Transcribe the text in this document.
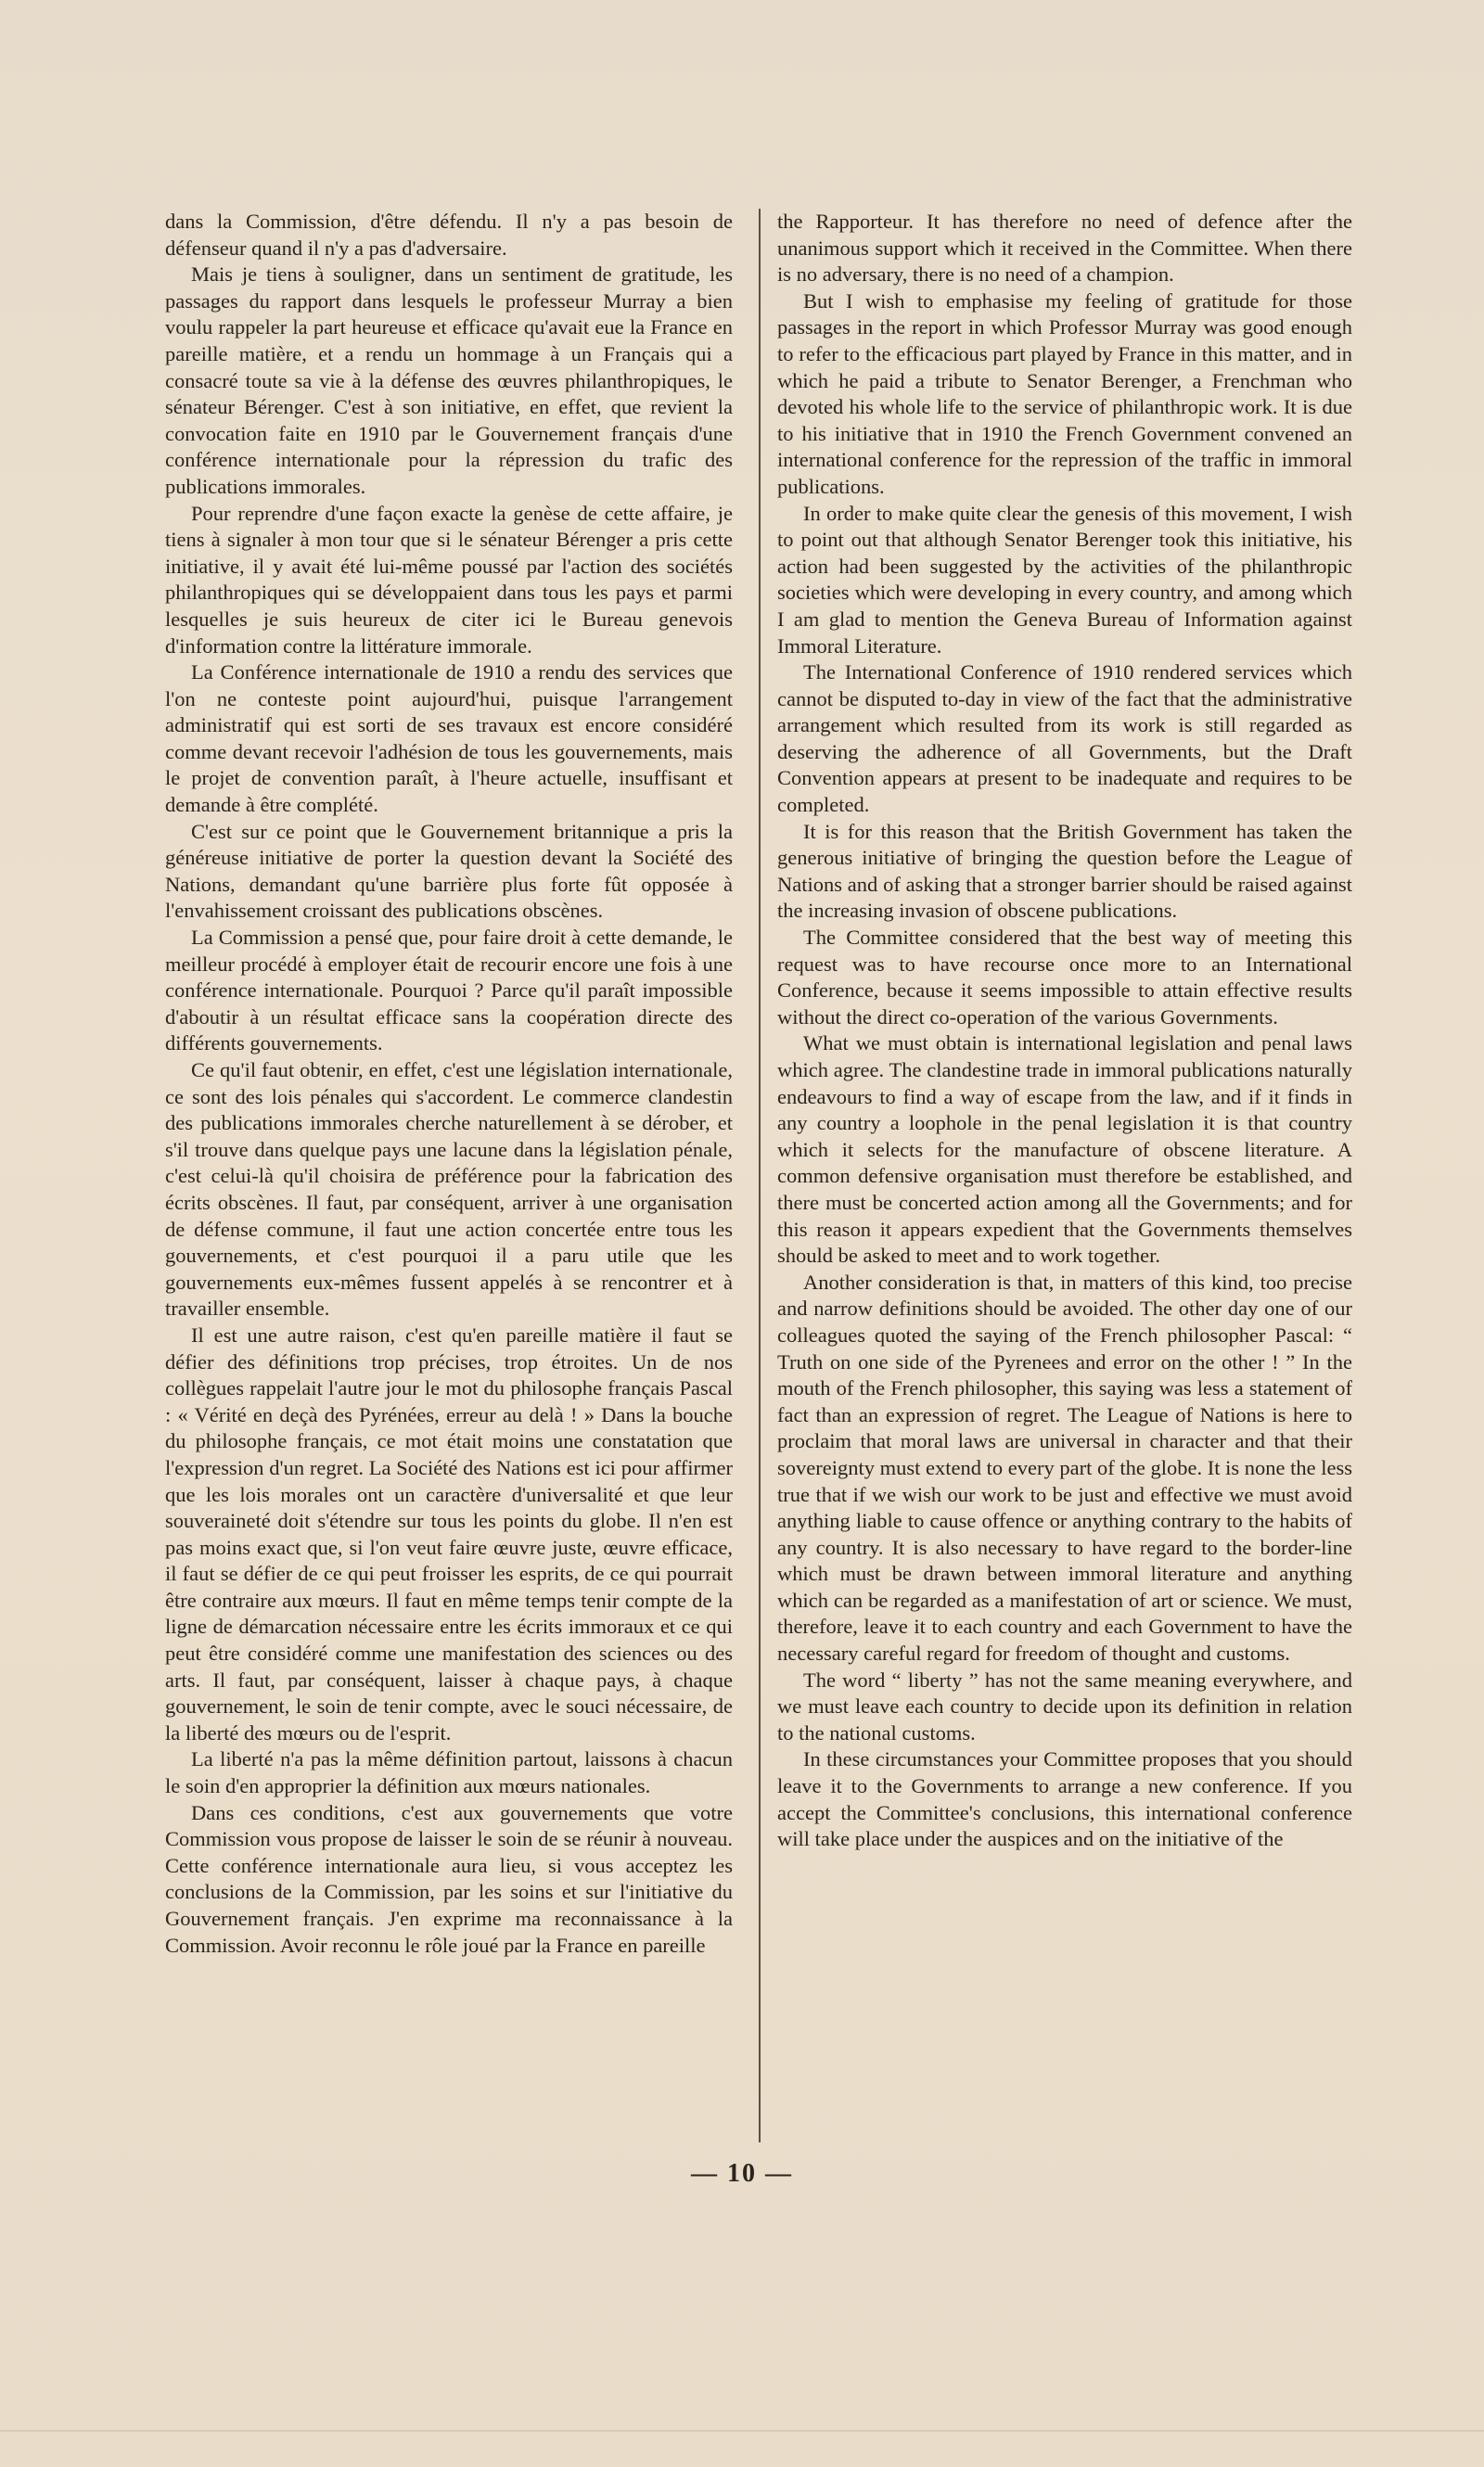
dans la Commission, d'être défendu. Il n'y a pas besoin de défenseur quand il n'y a pas d'adversaire.

Mais je tiens à souligner, dans un sentiment de gratitude, les passages du rapport dans lesquels le professeur Murray a bien voulu rappeler la part heureuse et efficace qu'avait eue la France en pareille matière, et a rendu un hommage à un Français qui a consacré toute sa vie à la défense des œuvres philanthropiques, le sénateur Bérenger. C'est à son initiative, en effet, que revient la convocation faite en 1910 par le Gouvernement français d'une conférence internationale pour la répression du trafic des publications immorales.

Pour reprendre d'une façon exacte la genèse de cette affaire, je tiens à signaler à mon tour que si le sénateur Bérenger a pris cette initiative, il y avait été lui-même poussé par l'action des sociétés philanthropiques qui se développaient dans tous les pays et parmi lesquelles je suis heureux de citer ici le Bureau genevois d'information contre la littérature immorale.

La Conférence internationale de 1910 a rendu des services que l'on ne conteste point aujourd'hui, puisque l'arrangement administratif qui est sorti de ses travaux est encore considéré comme devant recevoir l'adhésion de tous les gouvernements, mais le projet de convention paraît, à l'heure actuelle, insuffisant et demande à être complété.

C'est sur ce point que le Gouvernement britannique a pris la généreuse initiative de porter la question devant la Société des Nations, demandant qu'une barrière plus forte fût opposée à l'envahissement croissant des publications obscènes.

La Commission a pensé que, pour faire droit à cette demande, le meilleur procédé à employer était de recourir encore une fois à une conférence internationale. Pourquoi ? Parce qu'il paraît impossible d'aboutir à un résultat efficace sans la coopération directe des différents gouvernements.

Ce qu'il faut obtenir, en effet, c'est une législation internationale, ce sont des lois pénales qui s'accordent. Le commerce clandestin des publications immorales cherche naturellement à se dérober, et s'il trouve dans quelque pays une lacune dans la législation pénale, c'est celui-là qu'il choisira de préférence pour la fabrication des écrits obscènes. Il faut, par conséquent, arriver à une organisation de défense commune, il faut une action concertée entre tous les gouvernements, et c'est pourquoi il a paru utile que les gouvernements eux-mêmes fussent appelés à se rencontrer et à travailler ensemble.

Il est une autre raison, c'est qu'en pareille matière il faut se défier des définitions trop précises, trop étroites. Un de nos collègues rappelait l'autre jour le mot du philosophe français Pascal : « Vérité en deçà des Pyrénées, erreur au delà ! » Dans la bouche du philosophe français, ce mot était moins une constatation que l'expression d'un regret. La Société des Nations est ici pour affirmer que les lois morales ont un caractère d'universalité et que leur souveraineté doit s'étendre sur tous les points du globe. Il n'en est pas moins exact que, si l'on veut faire œuvre juste, œuvre efficace, il faut se défier de ce qui peut froisser les esprits, de ce qui pourrait être contraire aux mœurs. Il faut en même temps tenir compte de la ligne de démarcation nécessaire entre les écrits immoraux et ce qui peut être considéré comme une manifestation des sciences ou des arts. Il faut, par conséquent, laisser à chaque pays, à chaque gouvernement, le soin de tenir compte, avec le souci nécessaire, de la liberté des mœurs ou de l'esprit.

La liberté n'a pas la même définition partout, laissons à chacun le soin d'en approprier la définition aux mœurs nationales.

Dans ces conditions, c'est aux gouvernements que votre Commission vous propose de laisser le soin de se réunir à nouveau. Cette conférence internationale aura lieu, si vous acceptez les conclusions de la Commission, par les soins et sur l'initiative du Gouvernement français. J'en exprime ma reconnaissance à la Commission. Avoir reconnu le rôle joué par la France en pareille

the Rapporteur. It has therefore no need of defence after the unanimous support which it received in the Committee. When there is no adversary, there is no need of a champion.

But I wish to emphasise my feeling of gratitude for those passages in the report in which Professor Murray was good enough to refer to the efficacious part played by France in this matter, and in which he paid a tribute to Senator Berenger, a Frenchman who devoted his whole life to the service of philanthropic work. It is due to his initiative that in 1910 the French Government convened an international conference for the repression of the traffic in immoral publications.

In order to make quite clear the genesis of this movement, I wish to point out that although Senator Berenger took this initiative, his action had been suggested by the activities of the philanthropic societies which were developing in every country, and among which I am glad to mention the Geneva Bureau of Information against Immoral Literature.

The International Conference of 1910 rendered services which cannot be disputed to-day in view of the fact that the administrative arrangement which resulted from its work is still regarded as deserving the adherence of all Governments, but the Draft Convention appears at present to be inadequate and requires to be completed.

It is for this reason that the British Government has taken the generous initiative of bringing the question before the League of Nations and of asking that a stronger barrier should be raised against the increasing invasion of obscene publications.

The Committee considered that the best way of meeting this request was to have recourse once more to an International Conference, because it seems impossible to attain effective results without the direct co-operation of the various Governments.

What we must obtain is international legislation and penal laws which agree. The clandestine trade in immoral publications naturally endeavours to find a way of escape from the law, and if it finds in any country a loophole in the penal legislation it is that country which it selects for the manufacture of obscene literature. A common defensive organisation must therefore be established, and there must be concerted action among all the Governments; and for this reason it appears expedient that the Governments themselves should be asked to meet and to work together.

Another consideration is that, in matters of this kind, too precise and narrow definitions should be avoided. The other day one of our colleagues quoted the saying of the French philosopher Pascal: “ Truth on one side of the Pyrenees and error on the other ! ” In the mouth of the French philosopher, this saying was less a statement of fact than an expression of regret. The League of Nations is here to proclaim that moral laws are universal in character and that their sovereignty must extend to every part of the globe. It is none the less true that if we wish our work to be just and effective we must avoid anything liable to cause offence or anything contrary to the habits of any country. It is also necessary to have regard to the border-line which must be drawn between immoral literature and anything which can be regarded as a manifestation of art or science. We must, therefore, leave it to each country and each Government to have the necessary careful regard for freedom of thought and customs.

The word “ liberty ” has not the same meaning everywhere, and we must leave each country to decide upon its definition in relation to the national customs.

In these circumstances your Committee proposes that you should leave it to the Governments to arrange a new conference. If you accept the Committee's conclusions, this international conference will take place under the auspices and on the initiative of the

— 10 —
